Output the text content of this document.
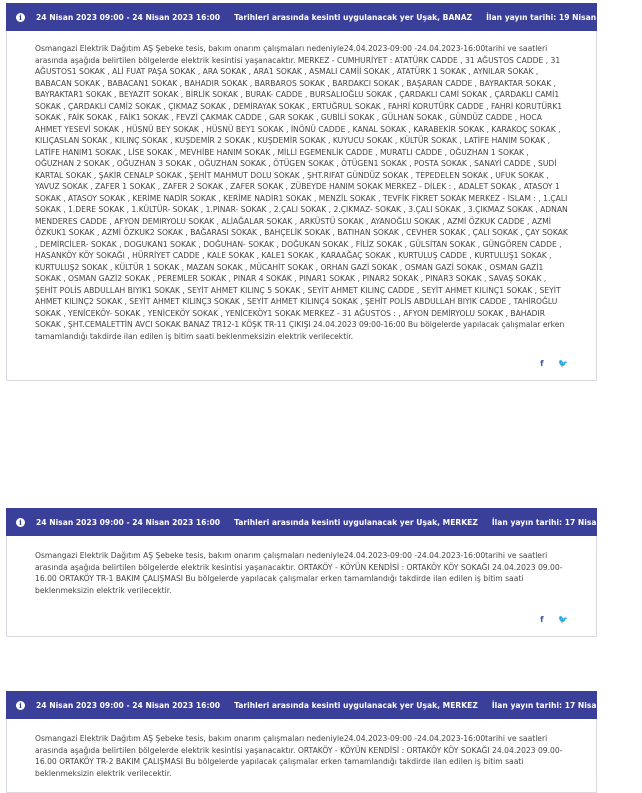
i	24 Nisan 2023 09:00 - 24 Nisan 2023 16:00 Tarihleri arasında kesinti uygulanacak yer Uşak, BANAZ İlan yayın tarihi: 19 Nisan 2023

Osmangazi Elektrik Dağıtım AŞ Şebeke tesis, bakım onarım çalışmaları nedeniyle24.04.2023-09:00 -24.04.2023-16:00tarihi ve saatleri arasında aşağıda belirtilen bölgelerde elektrik kesintisi yaşanacaktır. MERKEZ - CUMHURİYET : ATATÜRK CADDE , 31 AĞUSTOS CADDE , 31 AĞUSTOS1 SOKAK , ALİ FUAT PAŞA SOKAK , ARA SOKAK , ARA1 SOKAK , ASMALI CAMİİ SOKAK , ATATÜRK 1 SOKAK , AYNILAR SOKAK , BABACAN SOKAK , BABACAN1 SOKAK , BAHADIR SOKAK , BARBAROS SOKAK , BARDAKCI SOKAK , BAŞARAN CADDE , BAYRAKTAR SOKAK , BAYRAKTAR1 SOKAK , BEYAZIT SOKAK , BİRLİK SOKAK , BURAK- CADDE , BURSALIOĞLU SOKAK , ÇARDAKLI CAMİ SOKAK , ÇARDAKLI CAMİ1 SOKAK , ÇARDAKLI CAMİ2 SOKAK , ÇIKMAZ SOKAK , DEMİRAYAK SOKAK , ERTUĞRUL SOKAK , FAHRİ KORUTÜRK CADDE , FAHRİ KORUTÜRK1 SOKAK , FAİK SOKAK , FAİK1 SOKAK , FEVZİ ÇAKMAK CADDE , GAR SOKAK , GUBİLİ SOKAK , GÜLHAN SOKAK , GÜNDÜZ CADDE , HOCA AHMET YESEVİ SOKAK , HÜSNÜ BEY SOKAK , HÜSNÜ BEY1 SOKAK , İNÖNÜ CADDE , KANAL SOKAK , KARABEKİR SOKAK , KARAKOÇ SOKAK , KILIÇASLAN SOKAK , KILINÇ SOKAK , KUŞDEMİR 2 SOKAK , KUŞDEMİR SOKAK , KUYUCU SOKAK , KÜLTÜR SOKAK , LATİFE HANIM SOKAK , LATİFE HANIM1 SOKAK , LİSE SOKAK , MEVHİBE HANIM SOKAK , MİLLİ EGEMENLİK CADDE , MURATLI CADDE , OĞUZHAN 1 SOKAK , OĞUZHAN 2 SOKAK , OĞUZHAN 3 SOKAK , OĞUZHAN SOKAK , ÖTÜGEN SOKAK , ÖTÜGEN1 SOKAK , POSTA SOKAK , SANAYİ CADDE , SUDİ KARTAL SOKAK , ŞAKİR CENALP SOKAK , ŞEHİT MAHMUT DOLU SOKAK , ŞHT.RIFAT GÜNDÜZ SOKAK , TEPEDELEN SOKAK , UFUK SOKAK , YAVUZ SOKAK , ZAFER 1 SOKAK , ZAFER 2 SOKAK , ZAFER SOKAK , ZÜBEYDE HANIM SOKAK MERKEZ - DİLEK : , ADALET SOKAK , ATASOY 1 SOKAK , ATASOY SOKAK , KERİME NADİR SOKAK , KERİME NADİR1 SOKAK , MENZİL SOKAK , TEVFİK FİKRET SOKAK MERKEZ - İSLAM : , 1.ÇALI SOKAK , 1.DERE SOKAK , 1.KÜLTÜR- SOKAK , 1.PINAR- SOKAK , 2.ÇALI SOKAK , 2.ÇIKMAZ- SOKAK , 3.ÇALI SOKAK , 3.ÇIKMAZ SOKAK , ADNAN MENDERES CADDE , AFYON DEMIRYOLU SOKAK , ALİAĞALAR SOKAK , ARKÜSTÜ SOKAK , AYANOĞLU SOKAK , AZMİ ÖZKUK CADDE , AZMİ ÖZKUK1 SOKAK , AZMİ ÖZKUK2 SOKAK , BAĞARASI SOKAK , BAHÇELİK SOKAK , BATIHAN SOKAK , CEVHER SOKAK , ÇALI SOKAK , ÇAY SOKAK , DEMİRCİLER- SOKAK , DOGUKAN1 SOKAK , DOĞUHAN- SOKAK , DOĞUKAN SOKAK , FİLİZ SOKAK , GÜLSİTAN SOKAK , GÜNGÖREN CADDE , HASANKÖY KÖY SOKAĞI , HÜRRİYET CADDE , KALE SOKAK , KALE1 SOKAK , KARAAĞAÇ SOKAK , KURTULUŞ CADDE , KURTULUŞ1 SOKAK , KURTULUŞ2 SOKAK , KÜLTÜR 1 SOKAK , MAZAN SOKAK , MÜCAHİT SOKAK , ORHAN GAZİ SOKAK , OSMAN GAZİ SOKAK , OSMAN GAZİ1 SOKAK , OSMAN GAZİ2 SOKAK , PEREMLER SOKAK , PINAR 4 SOKAK , PINAR1 SOKAK , PINAR2 SOKAK , PINAR3 SOKAK , SAVAŞ SOKAK , ŞEHİT POLİS ABDULLAH BIYIK1 SOKAK , SEYİT AHMET KILINÇ 5 SOKAK , SEYİT AHMET KILINÇ CADDE , SEYİT AHMET KILINÇ1 SOKAK , SEYİT AHMET KILINÇ2 SOKAK , SEYİT AHMET KILINÇ3 SOKAK , SEYİT AHMET KILINÇ4 SOKAK , ŞEHİT POLİS ABDULLAH BIYIK CADDE , TAHİROĞLU SOKAK , YENİCEKÖY- SOKAK , YENİCEKÖY SOKAK , YENİCEKÖY1 SOKAK MERKEZ - 31 AĞUSTOS : , AFYON DEMİRYOLU SOKAK , BAHADIR SOKAK , ŞHT.CEMALETTİN AVCI SOKAK BANAZ TR12-1 KÖŞK TR-11 ÇIKIŞI 24.04.2023 09:00-16:00 Bu bölgelerde yapılacak çalışmalar erken tamamlandığı takdirde ilan edilen iş bitim saati beklenmeksizin elektrik verilecektir.

f 🐦
i	24 Nisan 2023 09:00 - 24 Nisan 2023 16:00 Tarihleri arasında kesinti uygulanacak yer Uşak, MERKEZ İlan yayın tarihi: 17 Nisan 2023

Osmangazi Elektrik Dağıtım AŞ Şebeke tesis, bakım onarım çalışmaları nedeniyle24.04.2023-09:00 -24.04.2023-16:00tarihi ve saatleri arasında aşağıda belirtilen bölgelerde elektrik kesintisi yaşanacaktır. ORTAKÖY - KÖYÜN KENDİSİ : ORTAKÖY KÖY SOKAĞI 24.04.2023 09.00-16.00 ORTAKÖY TR-1 BAKIM ÇALIŞMASI Bu bölgelerde yapılacak çalışmalar erken tamamlandığı takdirde ilan edilen iş bitim saati beklenmeksizin elektrik verilecektir.

f 🐦
i	24 Nisan 2023 09:00 - 24 Nisan 2023 16:00 Tarihleri arasında kesinti uygulanacak yer Uşak, MERKEZ İlan yayın tarihi: 17 Nisan 2023

Osmangazi Elektrik Dağıtım AŞ Şebeke tesis, bakım onarım çalışmaları nedeniyle24.04.2023-09:00 -24.04.2023-16:00tarihi ve saatleri arasında aşağıda belirtilen bölgelerde elektrik kesintisi yaşanacaktır. ORTAKÖY - KÖYÜN KENDİSİ : ORTAKÖY KÖY SOKAĞI 24.04.2023 09.00-16.00 ORTAKÖY TR-2 BAKIM ÇALIŞMASI Bu bölgelerde yapılacak çalışmalar erken tamamlandığı takdirde ilan edilen iş bitim saati beklenmeksizin elektrik verilecektir.
